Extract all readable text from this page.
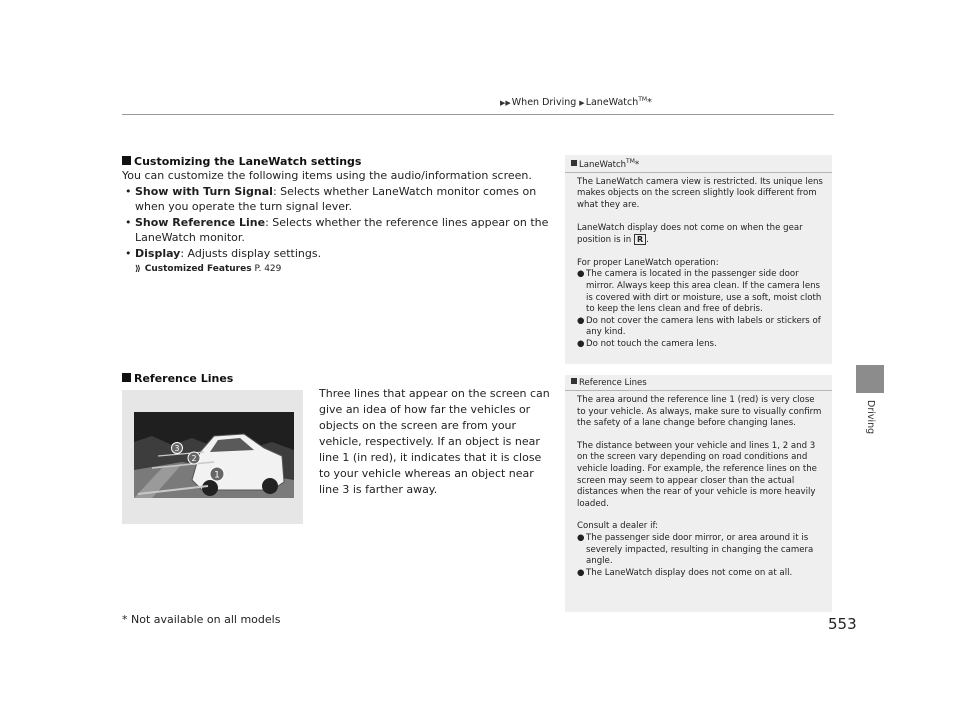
▶▶When Driving ▶LaneWatch™*
Driving
Customizing the LaneWatch settings
You can customize the following items using the audio/information screen.
• Show with Turn Signal: Selects whether LaneWatch monitor comes on when you operate the turn signal lever.
• Show Reference Line: Selects whether the reference lines appear on the LaneWatch monitor.
• Display: Adjusts display settings.
⟫ Customized Features P. 429
Reference Lines
1
2
3
Three lines that appear on the screen can give an idea of how far the vehicles or objects on the screen are from your vehicle, respectively. If an object is near line 1 (in red), it indicates that it is close to your vehicle whereas an object near line 3 is farther away.
LaneWatch™*

The LaneWatch camera view is restricted. Its unique lens makes objects on the screen slightly look different from what they are.

LaneWatch display does not come on when the gear position is in R .

For proper LaneWatch operation:
● The camera is located in the passenger side door mirror. Always keep this area clean. If the camera lens is covered with dirt or moisture, use a soft, moist cloth to keep the lens clean and free of debris.
● Do not cover the camera lens with labels or stickers of any kind.
● Do not touch the camera lens.
Reference Lines

The area around the reference line 1 (red) is very close to your vehicle. As always, make sure to visually confirm the safety of a lane change before changing lanes.

The distance between your vehicle and lines 1, 2 and 3 on the screen vary depending on road conditions and vehicle loading. For example, the reference lines on the screen may seem to appear closer than the actual distances when the rear of your vehicle is more heavily loaded.

Consult a dealer if:
● The passenger side door mirror, or area around it is severely impacted, resulting in changing the camera angle.
● The LaneWatch display does not come on at all.
* Not available on all models	553
